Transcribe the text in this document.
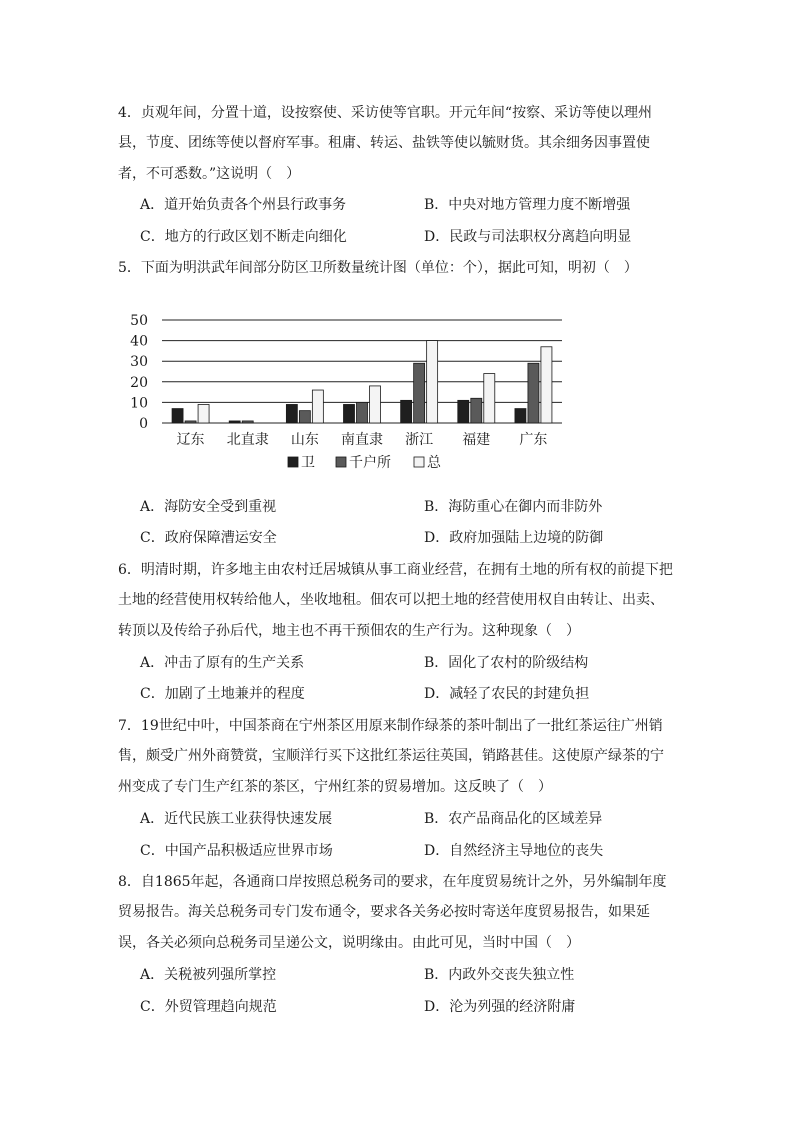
4．贞观年间，分置十道，设按察使、采访使等官职。开元年间“按察、采访等使以理州
县，节度、团练等使以督府军事。租庸、转运、盐铁等使以毓财货。其余细务因事置使
者，不可悉数。”这说明（　）
A．道开始负责各个州县行政事务	B．中央对地方管理力度不断增强
C．地方的行政区划不断走向细化	D．民政与司法职权分离趋向明显
5．下面为明洪武年间部分防区卫所数量统计图（单位：个），据此可知，明初（　）
0
10
20
30
40
50
辽东 北直隶 山东 南直隶 浙江 福建 广东
卫 千户所	总
A．海防安全受到重视	B．海防重心在御内而非防外
C．政府保障漕运安全	D．政府加强陆上边境的防御
6．明清时期，许多地主由农村迁居城镇从事工商业经营，在拥有土地的所有权的前提下把
土地的经营使用权转给他人，坐收地租。佃农可以把土地的经营使用权自由转让、出卖、
转顶以及传给子孙后代，地主也不再干预佃农的生产行为。这种现象（　）
A．冲击了原有的生产关系	B．固化了农村的阶级结构
C．加剧了土地兼并的程度	D．减轻了农民的封建负担
7．19世纪中叶，中国茶商在宁州茶区用原来制作绿茶的茶叶制出了一批红茶运往广州销
售，颇受广州外商赞赏，宝顺洋行买下这批红茶运往英国，销路甚佳。这使原产绿茶的宁
州变成了专门生产红茶的茶区，宁州红茶的贸易增加。这反映了（　）
A．近代民族工业获得快速发展	B．农产品商品化的区域差异
C．中国产品积极适应世界市场	D．自然经济主导地位的丧失
8．自1865年起，各通商口岸按照总税务司的要求，在年度贸易统计之外，另外编制年度
贸易报告。海关总税务司专门发布通令，要求各关务必按时寄送年度贸易报告，如果延
误，各关必须向总税务司呈递公文，说明缘由。由此可见，当时中国（　）
A．关税被列强所掌控	B．内政外交丧失独立性
C．外贸管理趋向规范	D．沦为列强的经济附庸
